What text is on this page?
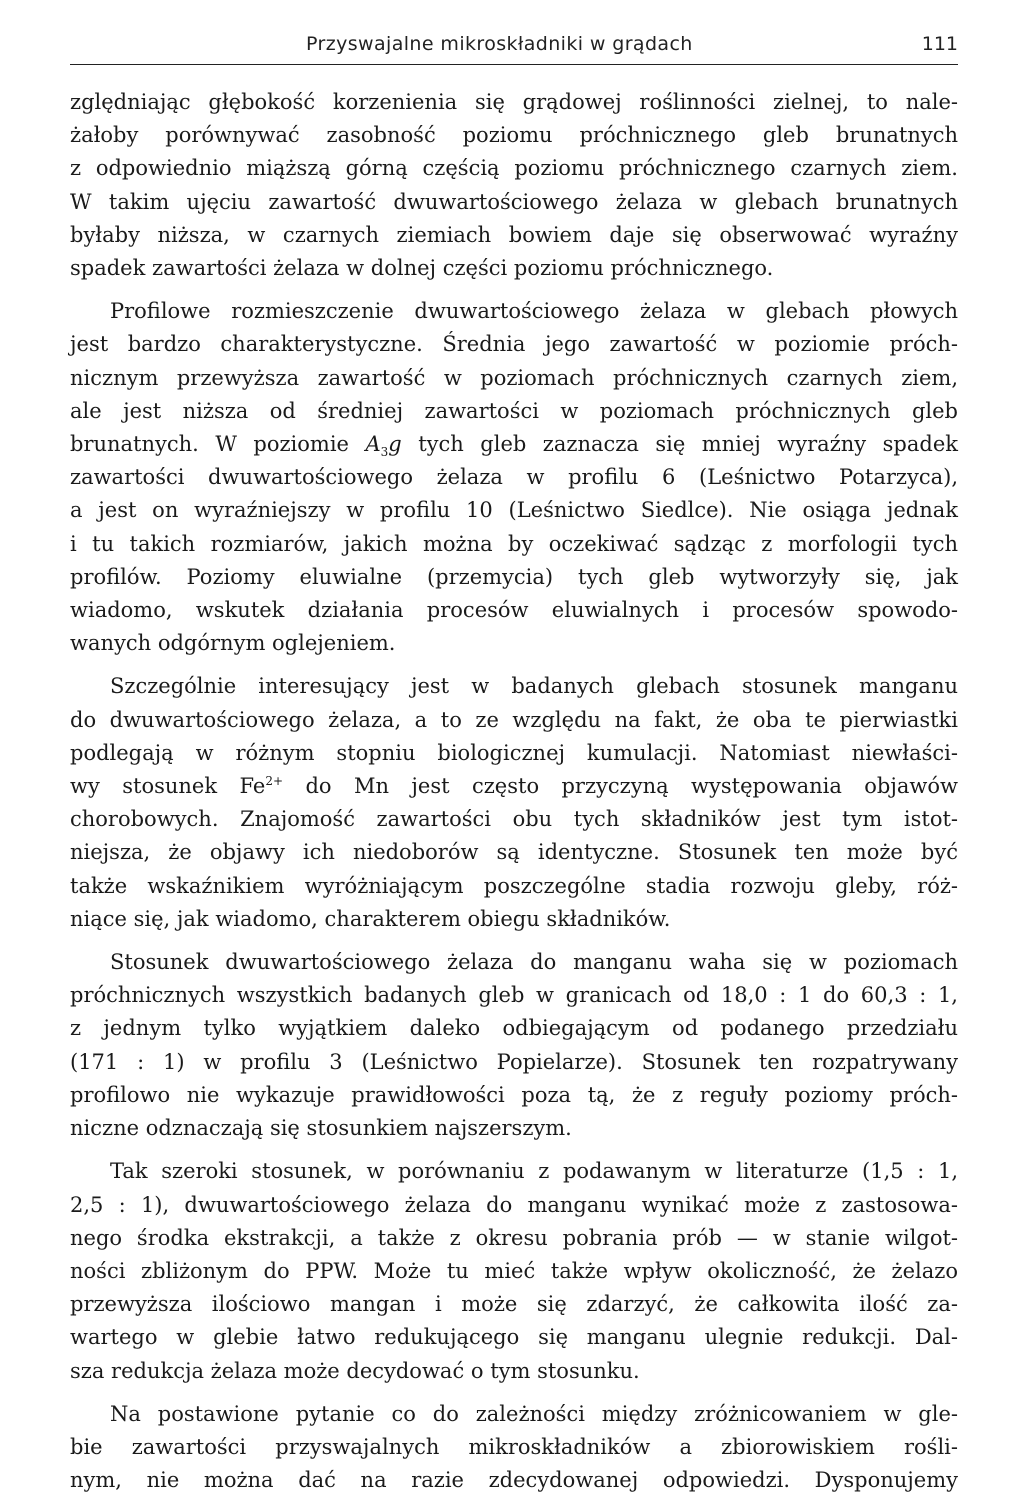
Przyswajalne mikroskładniki w grądach	111

zględniając głębokość korzenienia się grądowej roślinności zielnej, to nale-
żałoby porównywać zasobność poziomu próchnicznego gleb brunatnych
z odpowiednio miąższą górną częścią poziomu próchnicznego czarnych ziem.
W takim ujęciu zawartość dwuwartościowego żelaza w glebach brunatnych
byłaby niższa, w czarnych ziemiach bowiem daje się obserwować wyraźny
spadek zawartości żelaza w dolnej części poziomu próchnicznego.

Profilowe rozmieszczenie dwuwartościowego żelaza w glebach płowych
jest bardzo charakterystyczne. Średnia jego zawartość w poziomie próch-
nicznym przewyższa zawartość w poziomach próchnicznych czarnych ziem,
ale jest niższa od średniej zawartości w poziomach próchnicznych gleb
brunatnych. W poziomie $A_3g$ tych gleb zaznacza się mniej wyraźny spadek
zawartości dwuwartościowego żelaza w profilu 6 (Leśnictwo Potarzyca),
a jest on wyraźniejszy w profilu 10 (Leśnictwo Siedlce). Nie osiąga jednak
i tu takich rozmiarów, jakich można by oczekiwać sądząc z morfologii tych
profilów. Poziomy eluwialne (przemycia) tych gleb wytworzyły się, jak
wiadomo, wskutek działania procesów eluwialnych i procesów spowodo-
wanych odgórnym oglejeniem.

Szczególnie interesujący jest w badanych glebach stosunek manganu
do dwuwartościowego żelaza, a to ze względu na fakt, że oba te pierwiastki
podlegają w różnym stopniu biologicznej kumulacji. Natomiast niewłaści-
wy stosunek $Fe^{2+}$ do Mn jest często przyczyną występowania objawów
chorobowych. Znajomość zawartości obu tych składników jest tym istot-
niejsza, że objawy ich niedoborów są identyczne. Stosunek ten może być
także wskaźnikiem wyróżniającym poszczególne stadia rozwoju gleby, róż-
niące się, jak wiadomo, charakterem obiegu składników.

Stosunek dwuwartościowego żelaza do manganu waha się w poziomach
próchnicznych wszystkich badanych gleb w granicach od 18,0 : 1 do 60,3 : 1,
z jednym tylko wyjątkiem daleko odbiegającym od podanego przedziału
(171 : 1) w profilu 3 (Leśnictwo Popielarze). Stosunek ten rozpatrywany
profilowo nie wykazuje prawidłowości poza tą, że z reguły poziomy próch-
niczne odznaczają się stosunkiem najszerszym.

Tak szeroki stosunek, w porównaniu z podawanym w literaturze (1,5 : 1,
2,5 : 1), dwuwartościowego żelaza do manganu wynikać może z zastosowa-
nego środka ekstrakcji, a także z okresu pobrania prób — w stanie wilgot-
ności zbliżonym do PPW. Może tu mieć także wpływ okoliczność, że żelazo
przewyższa ilościowo mangan i może się zdarzyć, że całkowita ilość za-
wartego w glebie łatwo redukującego się manganu ulegnie redukcji. Dal-
sza redukcja żelaza może decydować o tym stosunku.

Na postawione pytanie co do zależności między zróżnicowaniem w gle-
bie zawartości przyswajalnych mikroskładników a zbiorowiskiem rośli-
nym, nie można dać na razie zdecydowanej odpowiedzi. Dysponujemy
